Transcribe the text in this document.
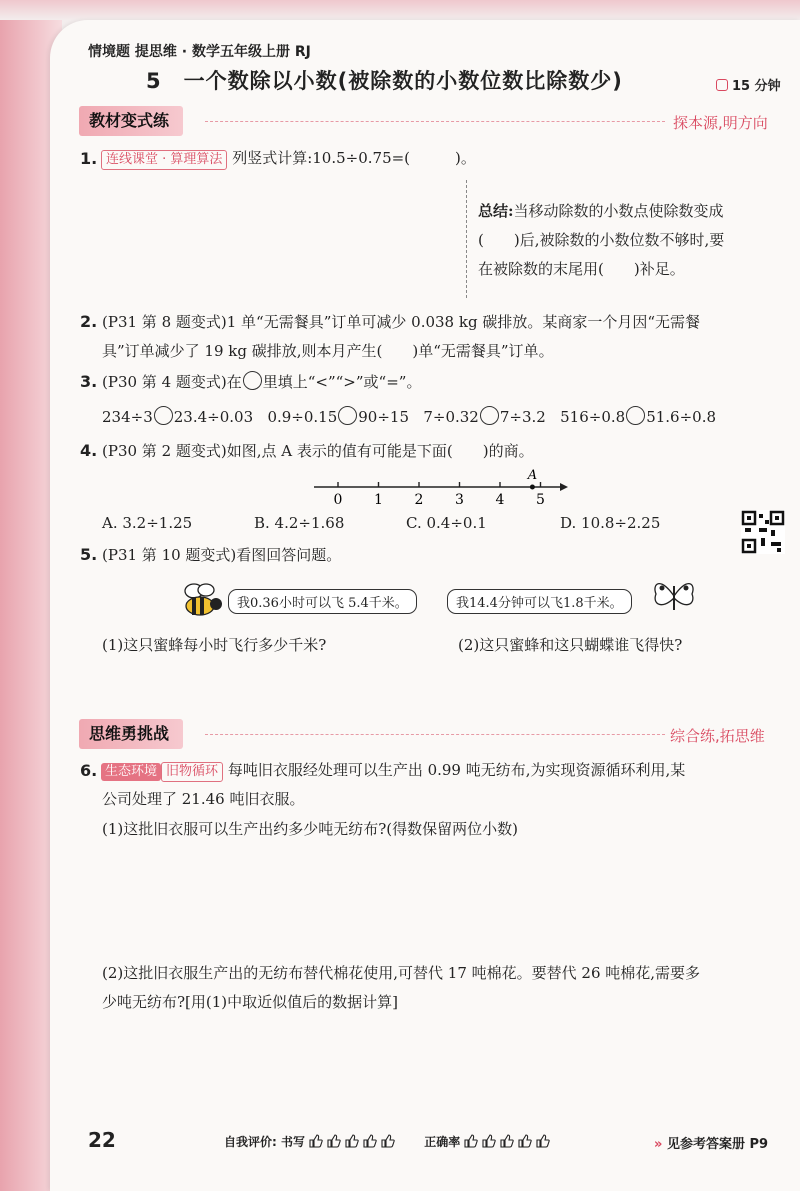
情境题 提思维 · 数学五年级上册 RJ
5　一个数除以小数(被除数的小数位数比除数少)	15 分钟
教材变式练	探本源,明方向
1. 连线课堂 · 算理算法 列竖式计算:10.5÷0.75=(　　　)。
总结:当移动除数的小数点使除数变成
(　　)后,被除数的小数位数不够时,要
在被除数的末尾用(　　)补足。
2. (P31 第 8 题变式)1 单“无需餐具”订单可减少 0.038 kg 碳排放。某商家一个月因“无需餐
具”订单减少了 19 kg 碳排放,则本月产生(　　)单“无需餐具”订单。
3. (P30 第 4 题变式)在 里填上“<”“>”或“=”。
234÷3 23.4÷0.03 0.9÷0.15 90÷15 7÷0.32 7÷3.2 516÷0.8 51.6÷0.8
4. (P30 第 2 题变式)如图,点 A 表示的值有可能是下面(　　)的商。
0 1 2 3 4 5
A
A. 3.2÷1.25	B. 4.2÷1.68	C. 0.4÷0.1	D. 10.8÷2.25
5. (P31 第 10 题变式)看图回答问题。
我0.36小时可以飞 5.4千米。	我14.4分钟可以飞1.8千米。
(1)这只蜜蜂每小时飞行多少千米?	(2)这只蜜蜂和这只蝴蝶谁飞得快?
思维勇挑战	综合练,拓思维
6. 生态环境 旧物循环 每吨旧衣服经处理可以生产出 0.99 吨无纺布,为实现资源循环利用,某
公司处理了 21.46 吨旧衣服。
(1)这批旧衣服可以生产出约多少吨无纺布?(得数保留两位小数)
(2)这批旧衣服生产出的无纺布替代棉花使用,可替代 17 吨棉花。要替代 26 吨棉花,需要多
少吨无纺布?[用(1)中取近似值后的数据计算]
» 见参考答案册 P9
22	自我评价: 书写	正确率
